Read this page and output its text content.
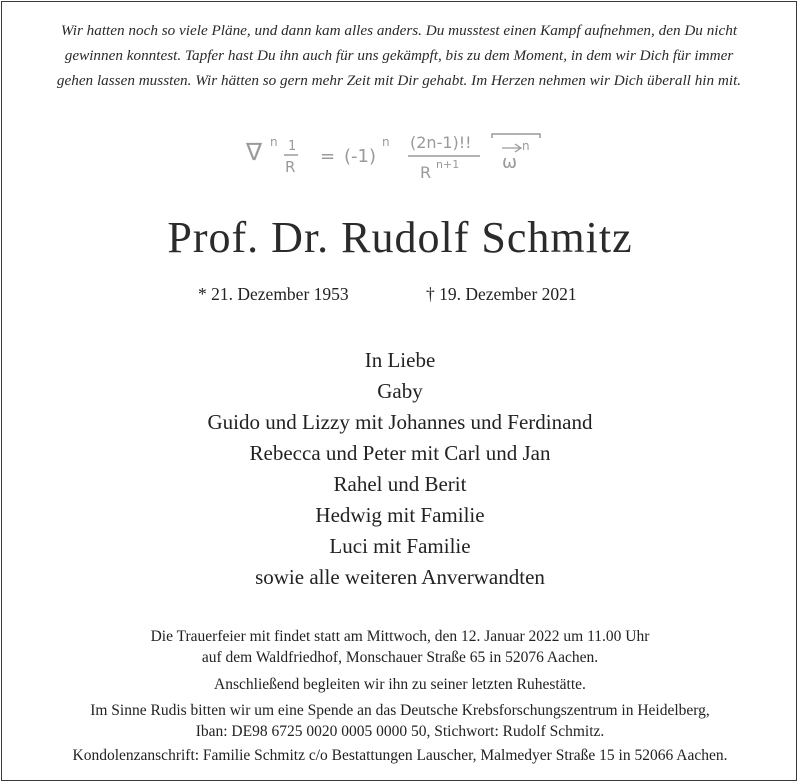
Wir hatten noch so viele Pläne, und dann kam alles anders. Du musstest einen Kampf aufnehmen, den Du nicht
gewinnen konntest. Tapfer hast Du ihn auch für uns gekämpft, bis zu dem Moment, in dem wir Dich für immer
gehen lassen mussten. Wir hätten so gern mehr Zeit mit Dir gehabt. Im Herzen nehmen wir Dich überall hin mit.
∇ n 1
R = (-1)
n (2n-1)!!
R n+1 ω
n
Prof. Dr. Rudolf Schmitz
* 21. Dezember 1953	† 19. Dezember 2021
In Liebe
Gaby
Guido und Lizzy mit Johannes und Ferdinand
Rebecca und Peter mit Carl und Jan
Rahel und Berit
Hedwig mit Familie
Luci mit Familie
sowie alle weiteren Anverwandten
Die Trauerfeier mit findet statt am Mittwoch, den 12. Januar 2022 um 11.00 Uhr
auf dem Waldfriedhof, Monschauer Straße 65 in 52076 Aachen.
Anschließend begleiten wir ihn zu seiner letzten Ruhestätte.
Im Sinne Rudis bitten wir um eine Spende an das Deutsche Krebsforschungszentrum in Heidelberg,
Iban: DE98 6725 0020 0005 0000 50, Stichwort: Rudolf Schmitz.
Kondolenzanschrift: Familie Schmitz c/o Bestattungen Lauscher, Malmedyer Straße 15 in 52066 Aachen.
